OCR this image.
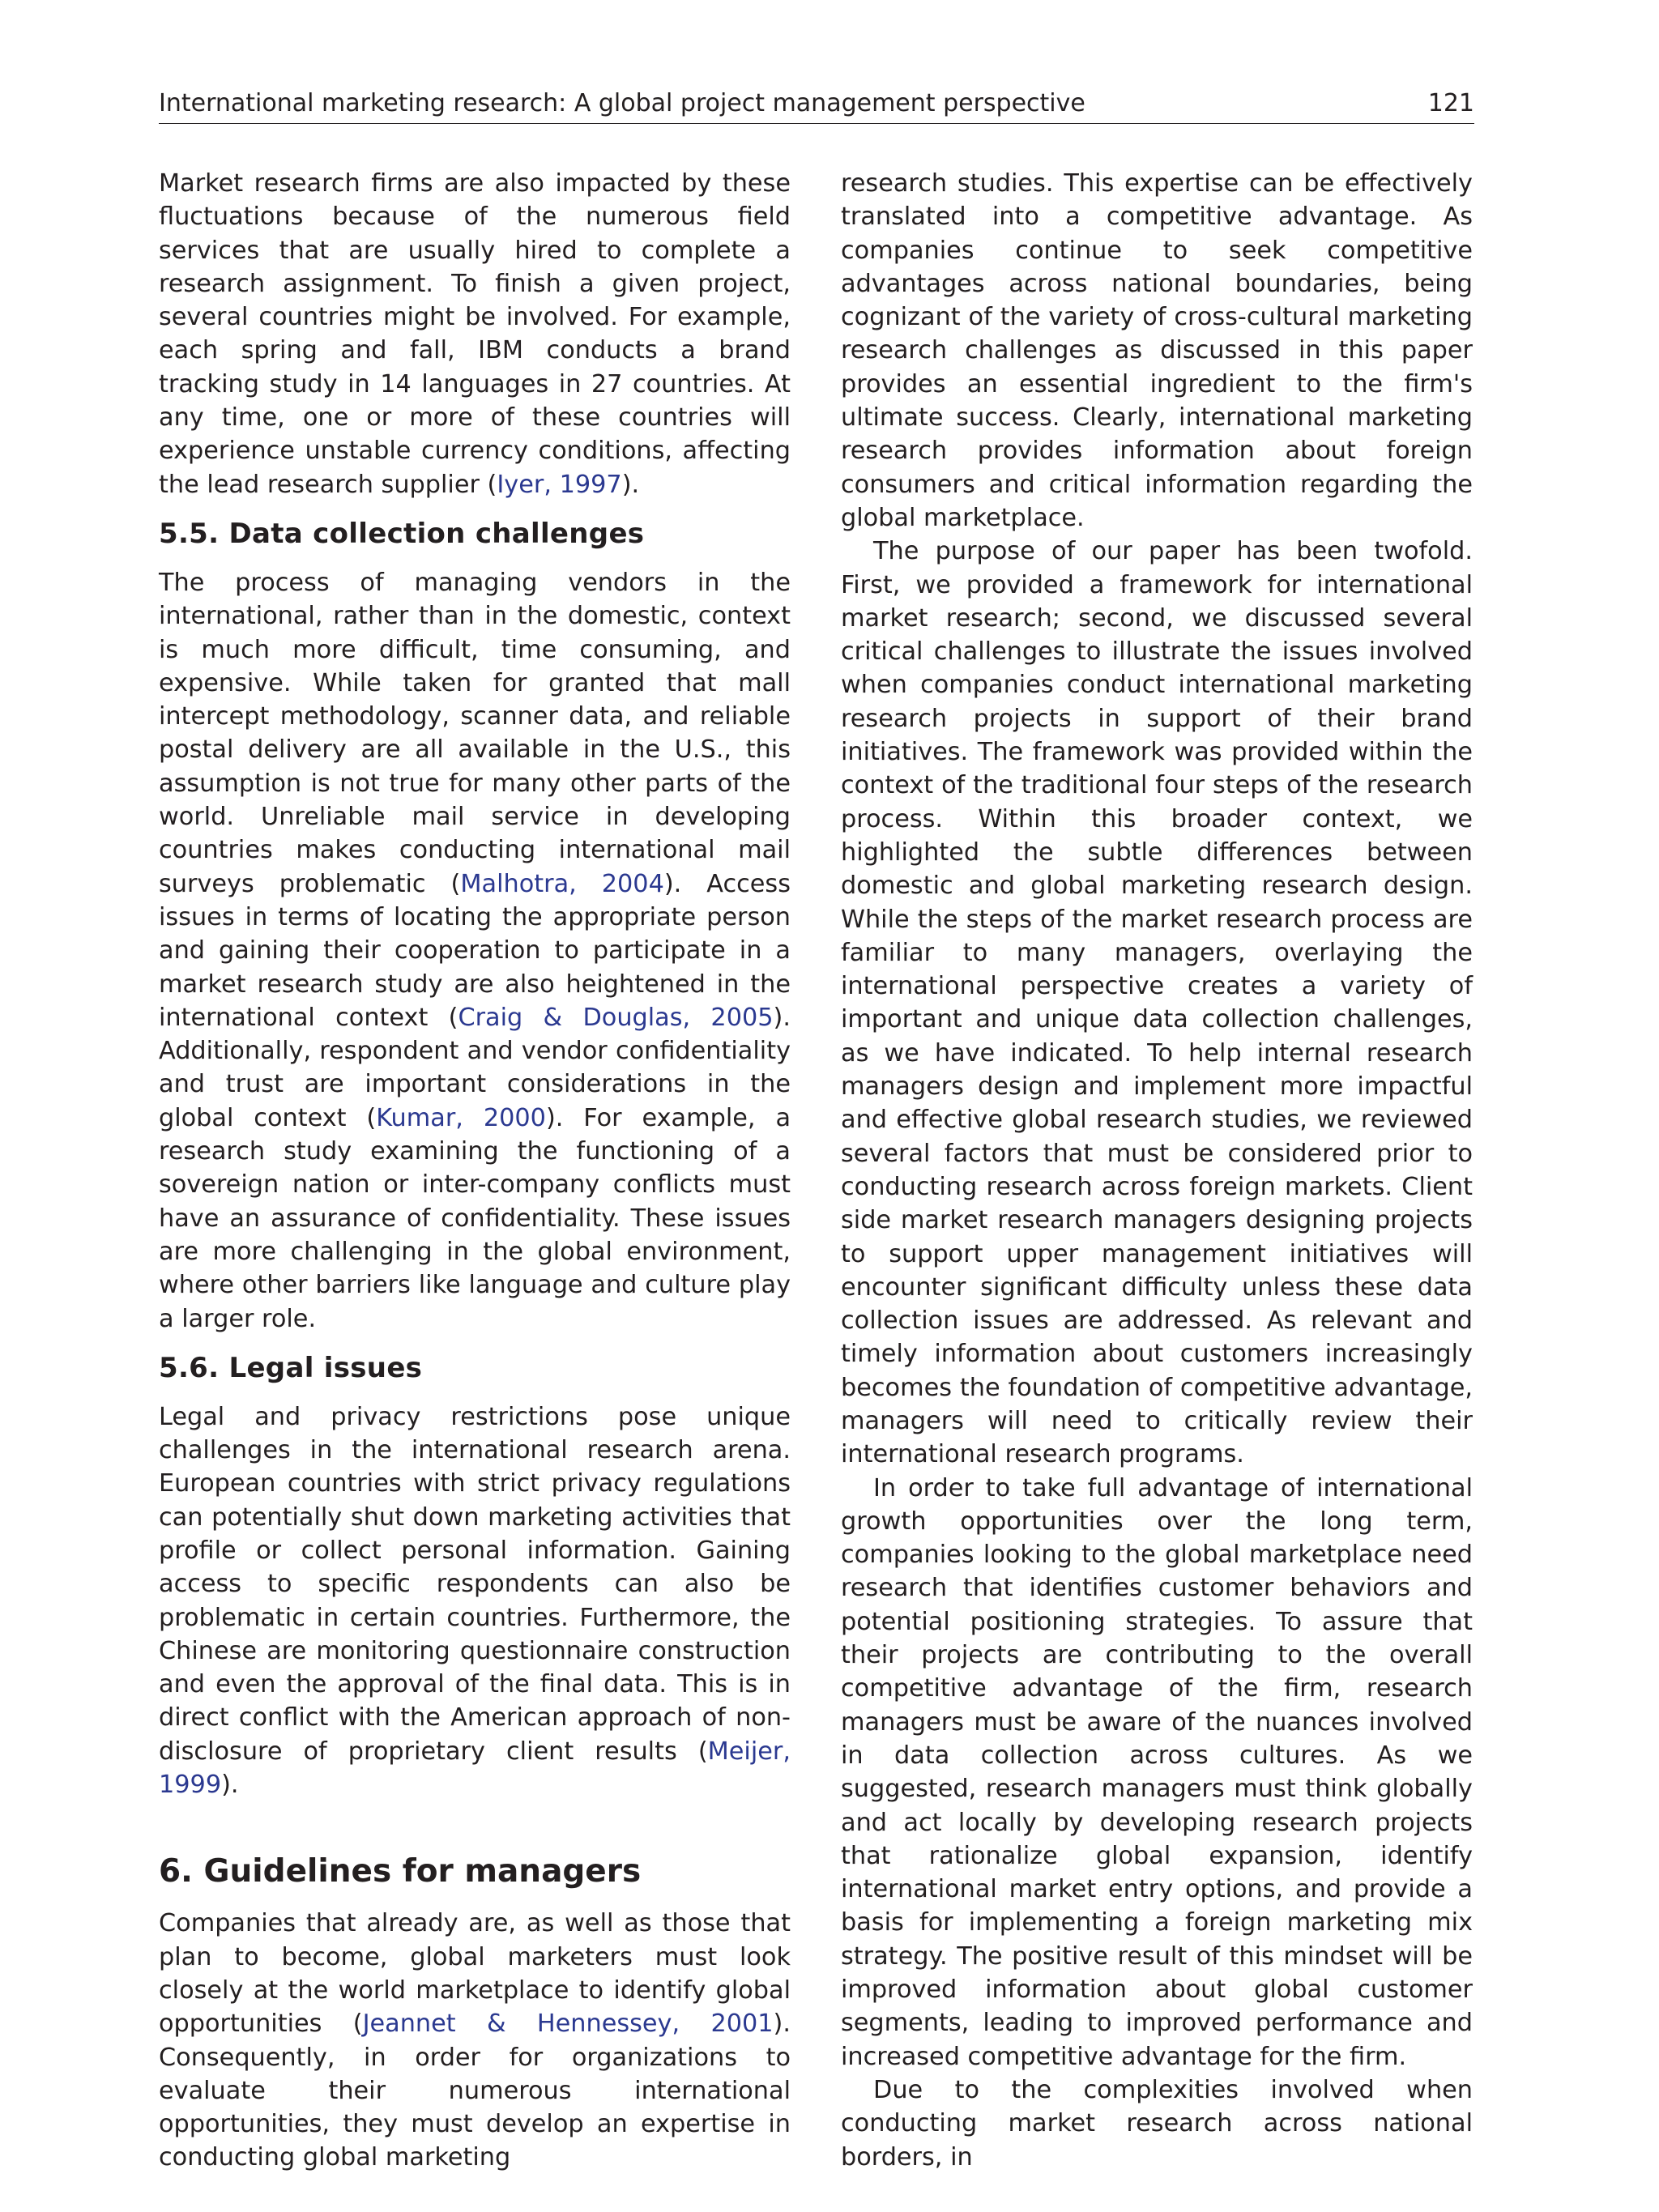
International marketing research: A global project management perspective	121

Market research firms are also impacted by these fluctuations because of the numerous field services that are usually hired to complete a research assignment. To finish a given project, several countries might be involved. For example, each spring and fall, IBM conducts a brand tracking study in 14 languages in 27 countries. At any time, one or more of these countries will experience unstable currency conditions, affecting the lead research supplier (Iyer, 1997).

5.5. Data collection challenges

The process of managing vendors in the international, rather than in the domestic, context is much more difficult, time consuming, and expensive. While taken for granted that mall intercept methodology, scanner data, and reliable postal delivery are all available in the U.S., this assumption is not true for many other parts of the world. Unreliable mail service in developing countries makes conducting international mail surveys problematic (Malhotra, 2004). Access issues in terms of locating the appropriate person and gaining their cooperation to participate in a market research study are also heightened in the international context (Craig & Douglas, 2005). Additionally, respondent and vendor confidentiality and trust are important considerations in the global context (Kumar, 2000). For example, a research study examining the functioning of a sovereign nation or inter-company conflicts must have an assurance of confidentiality. These issues are more challenging in the global environment, where other barriers like language and culture play a larger role.

5.6. Legal issues

Legal and privacy restrictions pose unique challenges in the international research arena. European countries with strict privacy regulations can potentially shut down marketing activities that profile or collect personal information. Gaining access to specific respondents can also be problematic in certain countries. Furthermore, the Chinese are monitoring questionnaire construction and even the approval of the final data. This is in direct conflict with the American approach of non-disclosure of proprietary client results (Meijer, 1999).

6. Guidelines for managers

Companies that already are, as well as those that plan to become, global marketers must look closely at the world marketplace to identify global opportunities (Jeannet & Hennessey, 2001). Consequently, in order for organizations to evaluate their numerous international opportunities, they must develop an expertise in conducting global marketing

research studies. This expertise can be effectively translated into a competitive advantage. As companies continue to seek competitive advantages across national boundaries, being cognizant of the variety of cross-cultural marketing research challenges as discussed in this paper provides an essential ingredient to the firm's ultimate success. Clearly, international marketing research provides information about foreign consumers and critical information regarding the global marketplace.

The purpose of our paper has been twofold. First, we provided a framework for international market research; second, we discussed several critical challenges to illustrate the issues involved when companies conduct international marketing research projects in support of their brand initiatives. The framework was provided within the context of the traditional four steps of the research process. Within this broader context, we highlighted the subtle differences between domestic and global marketing research design. While the steps of the market research process are familiar to many managers, overlaying the international perspective creates a variety of important and unique data collection challenges, as we have indicated. To help internal research managers design and implement more impactful and effective global research studies, we reviewed several factors that must be considered prior to conducting research across foreign markets. Client side market research managers designing projects to support upper management initiatives will encounter significant difficulty unless these data collection issues are addressed. As relevant and timely information about customers increasingly becomes the foundation of competitive advantage, managers will need to critically review their international research programs.

In order to take full advantage of international growth opportunities over the long term, companies looking to the global marketplace need research that identifies customer behaviors and potential positioning strategies. To assure that their projects are contributing to the overall competitive advantage of the firm, research managers must be aware of the nuances involved in data collection across cultures. As we suggested, research managers must think globally and act locally by developing research projects that rationalize global expansion, identify international market entry options, and provide a basis for implementing a foreign marketing mix strategy. The positive result of this mindset will be improved information about global customer segments, leading to improved performance and increased competitive advantage for the firm.

Due to the complexities involved when conducting market research across national borders, in
